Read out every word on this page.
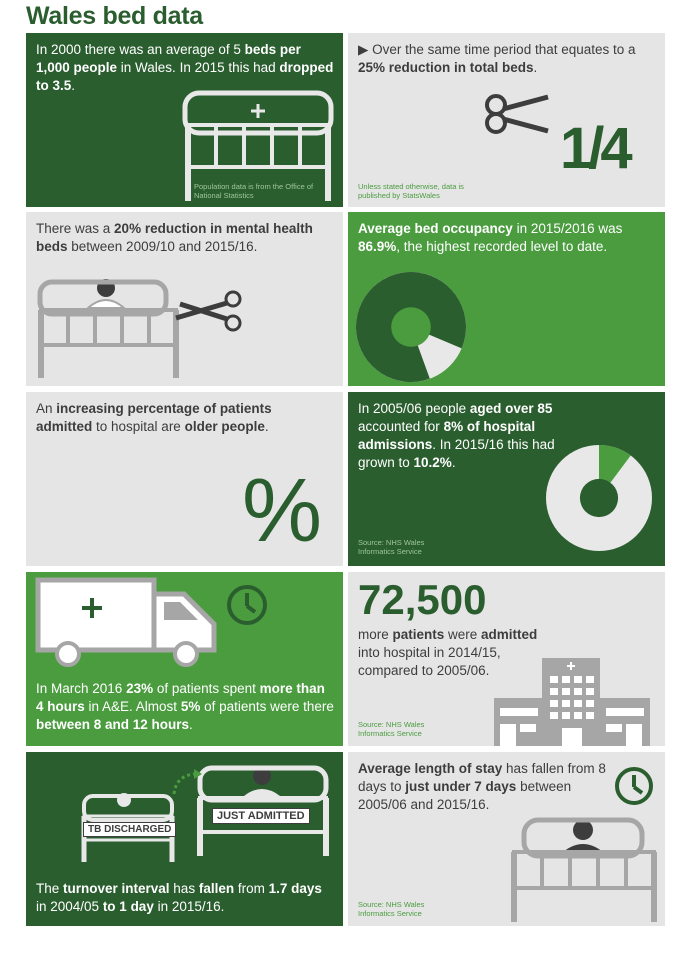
Wales bed data
In 2000 there was an average of 5 beds per 1,000 people in Wales. In 2015 this had dropped to 3.5.
Population data is from the Office of National Statistics
▶ Over the same time period that equates to a 25% reduction in total beds.
1/4
Unless stated otherwise, data is published by StatsWales
There was a 20% reduction in mental health beds between 2009/10 and 2015/16.
Average bed occupancy in 2015/2016 was 86.9%, the highest recorded level to date.
An increasing percentage of patients admitted to hospital are older people.
%
In 2005/06 people aged over 85 accounted for 8% of hospital admissions. In 2015/16 this had grown to 10.2%.
Source: NHS Wales Informatics Service
In March 2016 23% of patients spent more than 4 hours in A&E. Almost 5% of patients were there between 8 and 12 hours.
72,500
more patients were admitted into hospital in 2014/15, compared to 2005/06.
Source: NHS Wales Informatics Service
TB DISCHARGED
JUST ADMITTED
The turnover interval has fallen from 1.7 days in 2004/05 to 1 day in 2015/16.
Average length of stay has fallen from 8 days to just under 7 days between 2005/06 and 2015/16.
Source: NHS Wales Informatics Service
